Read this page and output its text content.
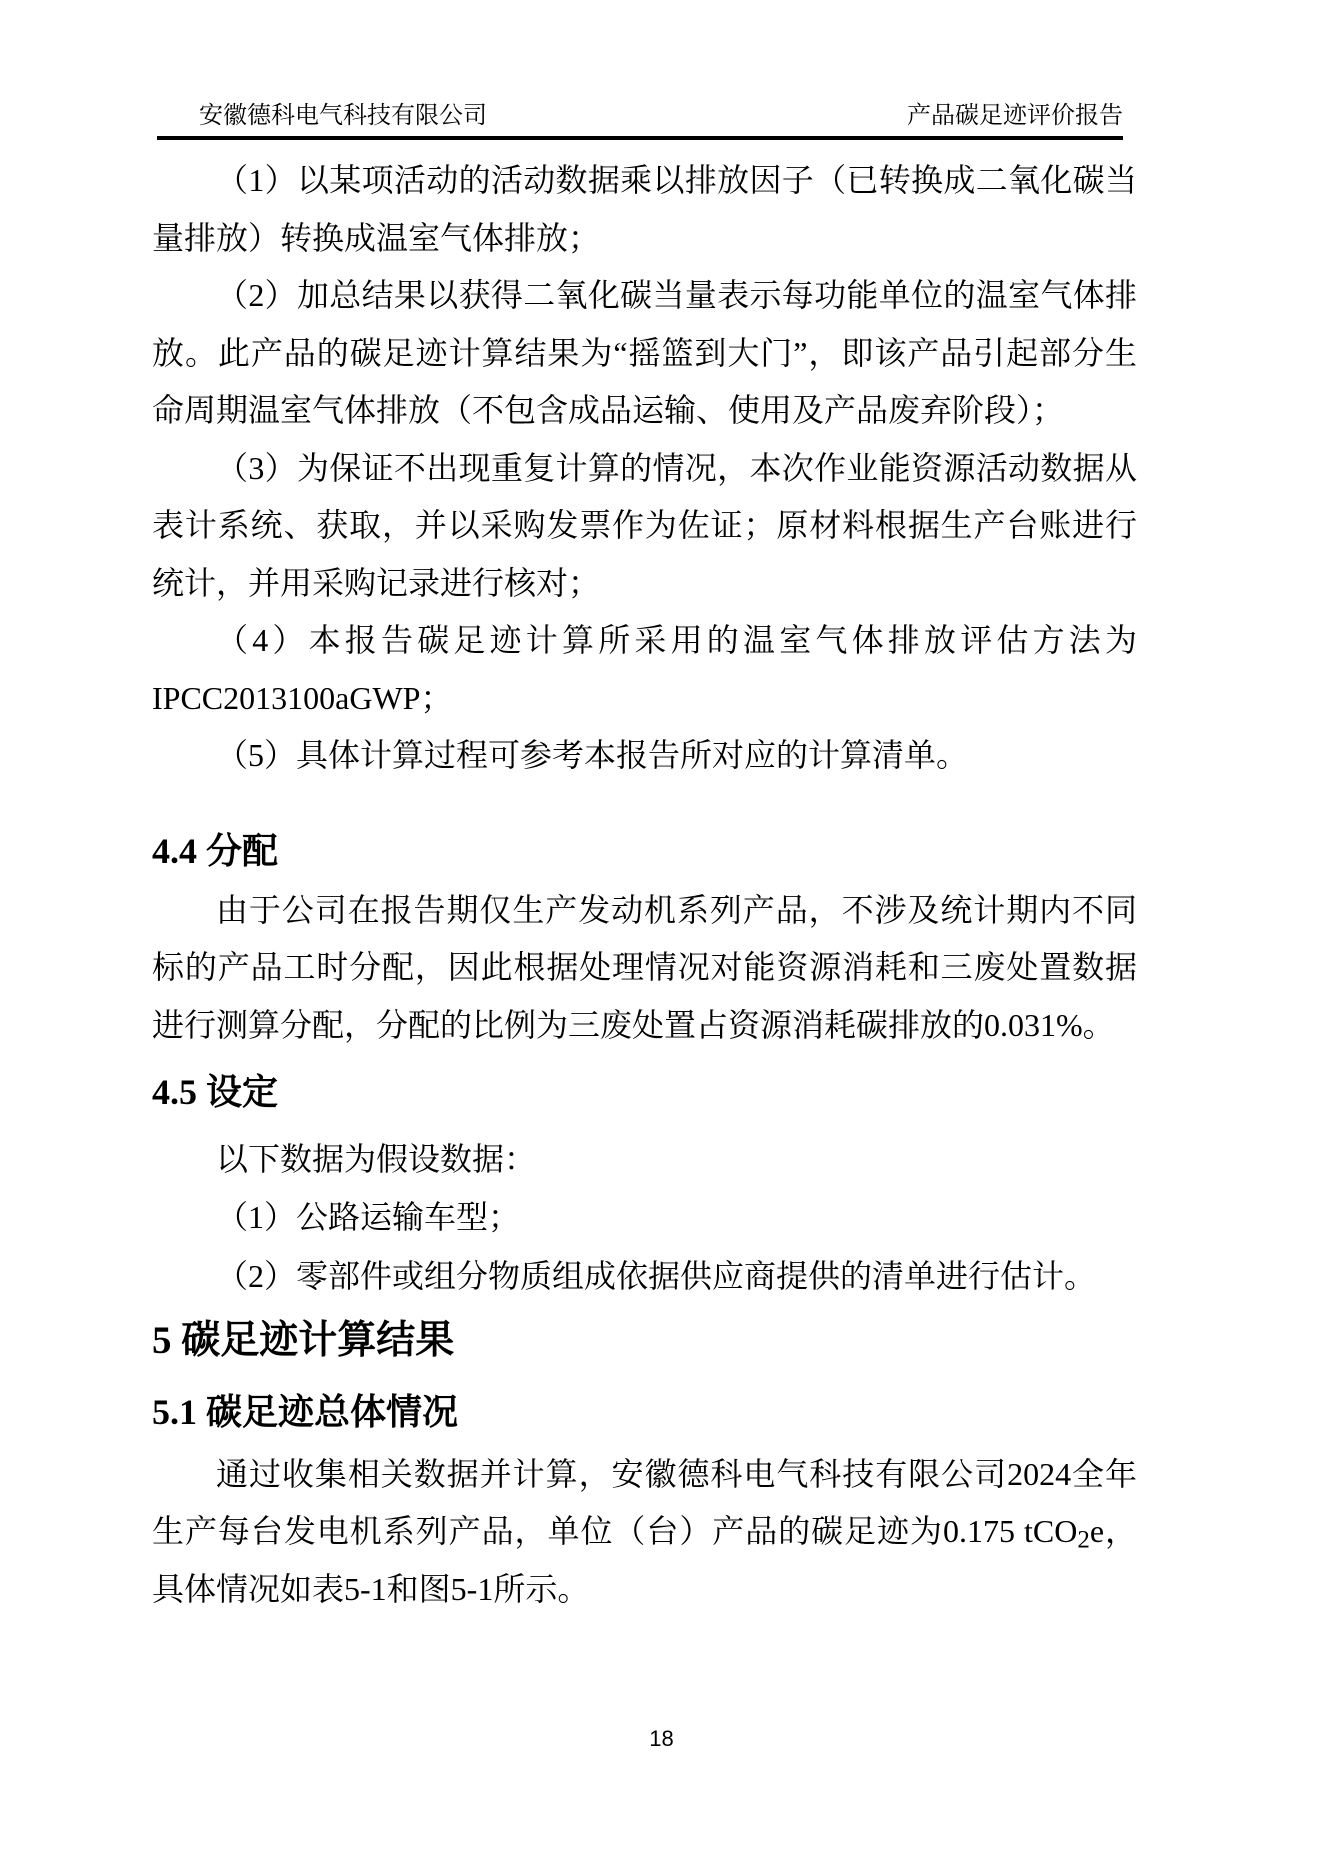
安徽德科电气科技有限公司	产品碳足迹评价报告

（1）以某项活动的活动数据乘以排放因子（已转换成二氧化碳当量排放）转换成温室气体排放；

（2）加总结果以获得二氧化碳当量表示每功能单位的温室气体排放。此产品的碳足迹计算结果为“摇篮到大门”，即该产品引起部分生命周期温室气体排放（不包含成品运输、使用及产品废弃阶段）；

（3）为保证不出现重复计算的情况，本次作业能资源活动数据从表计系统、获取，并以采购发票作为佐证；原材料根据生产台账进行统计，并用采购记录进行核对；

（4）本报告碳足迹计算所采用的温室气体排放评估方法为IPCC2013100aGWP；

（5）具体计算过程可参考本报告所对应的计算清单。

4.4 分配

由于公司在报告期仅生产发动机系列产品，不涉及统计期内不同标的产品工时分配，因此根据处理情况对能资源消耗和三废处置数据进行测算分配，分配的比例为三废处置占资源消耗碳排放的0.031%。

4.5 设定

以下数据为假设数据：

（1）公路运输车型；

（2）零部件或组分物质组成依据供应商提供的清单进行估计。

5 碳足迹计算结果
5.1 碳足迹总体情况

通过收集相关数据并计算，安徽德科电气科技有限公司2024全年生产每台发电机系列产品，单位（台）产品的碳足迹为0.175 tCO$_2$e，具体情况如表5-1和图5-1所示。

18
